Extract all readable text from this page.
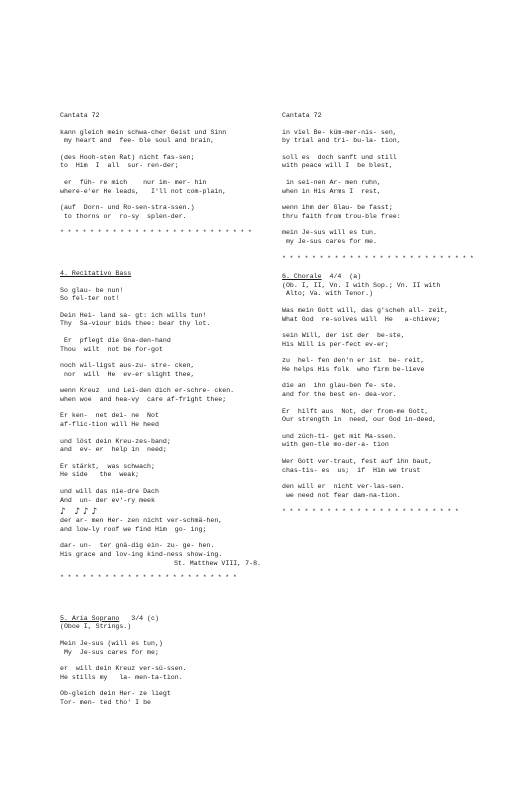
Cantata 72
kann gleich mein schwa-cher Geist und Sinn
my heart and  fee- ble soul and brain,
(des Hooh-sten Rat) nicht fas-sen;
to  Him  I  all  sur- ren-der;
er  füh- re mich    nur im- mer- hin
where-e'er He leads,   I'll not com-plain,
(auf  Dorn- und Ro-sen-stra-ssen.)
to thorns or  ro-sy  splen-der.
* * * * * * * * * * * * * * * * * * * * * * * * * *
4. Recitativo Bass
So glau- be nun!
So fel-ter not!
Dein Hei- land sa- gt: ich wills tun!
Thy  Sa-viour bids thee: bear thy lot.
Er  pflegt die Gna-den-hand
Thou  wilt  not be for-got
noch wil-ligst aus-zu- stre- cken,
nor  will  He  ev-er slight thee,
wenn Kreuz  und Lei-den dich er-schre- cken.
when woe  and hea-vy  care af-fright thee;
Er ken-  net dei- ne  Not
af-flic-tion will He heed
und löst dein Kreu-zes-band;
and  ev- er  help in  need;
Er stärkt,  was schwach;
He side   the  weak;
und will das nie-dre Dach
And  un- der ev'-ry meek
♪   ♪ ♪ ♪
der ar- men Her- zen nicht ver-schmä-hen,
and low-ly roof we find Him  go- ing;
dar- un-  ter gnä-dig ein- zu- ge- hen.
His grace and lov-ing kind-ness show-ing.
St. Matthew VIII, 7-8.
* * * * * * * * * * * * * * * * * * * * * * * *
5. Aria Soprano 3/4 (c)
(Oboe I, Strings.)
Mein Je-sus (will es tun,)
My  Je-sus cares for me;
er  will dein Kreuz ver-sü-ssen.
He stills my   la- men-ta-tion.
Ob-gleich dein Her- ze liegt
Tor- men- ted tho' I be
Cantata 72
in viel Be- küm-mer-nis- sen,
by trial and tri- bu-la- tion,
soll es  doch sanft und still
with peace will I  be blest,
in sei-nen Ar- men ruhn,
when in His Arms I  rest,
wenn ihm der Glau- be fasst;
thru faith from trou-ble free:
mein Je-sus will es tun.
my Je-sus cares for me.
* * * * * * * * * * * * * * * * * * * * * * * * * *
6. Chorale 4/4  (a)
(Ob. I, II, Vn. I with Sop.; Vn. II with
Alto; Va. with Tenor.)
Was mein Gott will, das g'scheh all- zeit,
What God  re-solves will  He   a-chieve;
sein Will, der ist der  be-ste,
His Will is per-fect ev-er;
zu  hel- fen den'n er ist  be- reit,
He helps His folk  who firm be-lieve
die an  ihn glau-ben fe- ste.
and for the best en- dea-vor.
Er  hilft aus  Not, der from-me Gott,
Our strength in  need, our God in-deed,
und züch-ti- get mit Ma-ssen.
with gen-tle mo-der-a- tion
Wer Gott ver-traut, fest auf ihn baut,
chas-tis- es  us;  if  Him we trust
den will er  nicht ver-las-sen.
we need not fear dam-na-tion.
* * * * * * * * * * * * * * * * * * * * * * * *
